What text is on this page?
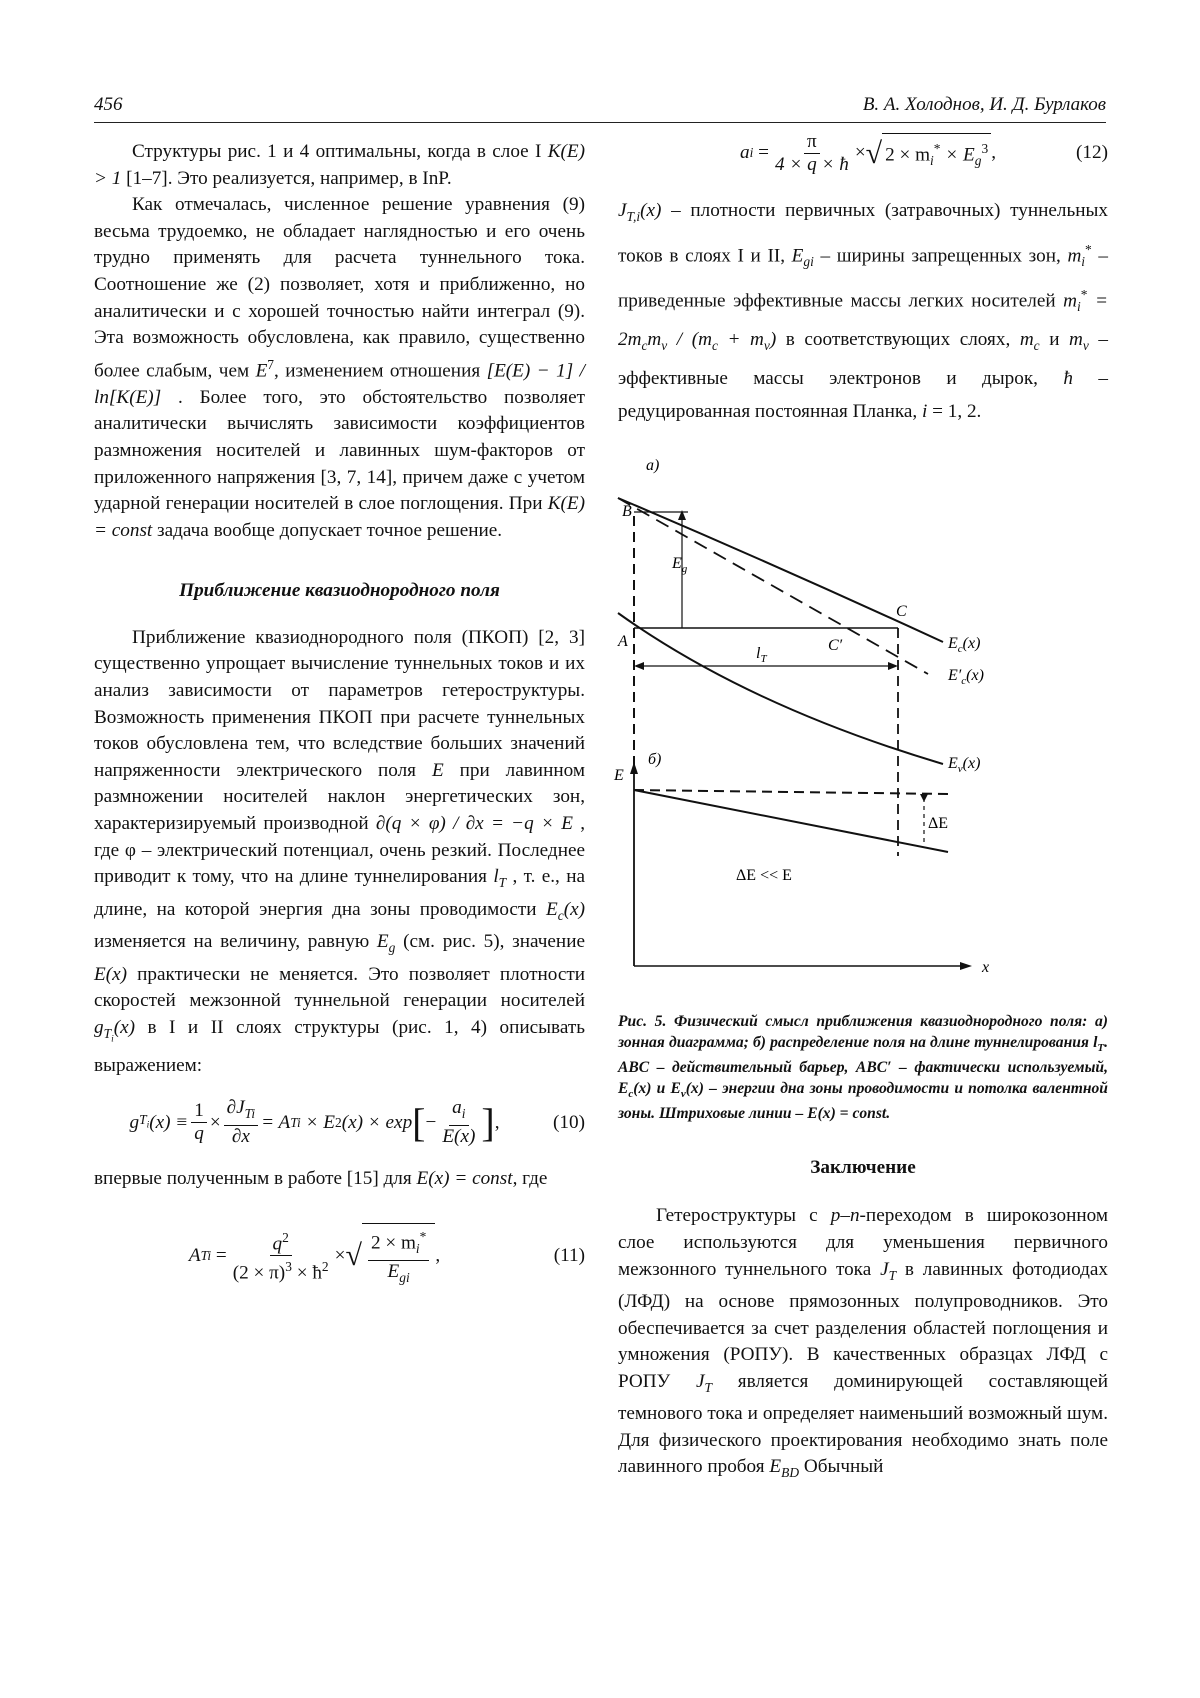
456	В. А. Холоднов, И. Д. Бурлаков

Структуры рис. 1 и 4 оптимальны, когда в слое I K(E) > 1 [1–7]. Это реализуется, например, в InP.

Как отмечалась, численное решение уравнения (9) весьма трудоемко, не обладает наглядностью и его очень трудно применять для расчета туннельного тока. Соотношение же (2) позволяет, хотя и приближенно, но аналитически и с хорошей точностью найти интеграл (9). Эта возможность обусловлена, как правило, существенно более слабым, чем $E^7$, изменением отношения [E(E) − 1] / ln[K(E)] . Более того, это обстоятельство позволяет аналитически вычислять зависимости коэффициентов размножения носителей и лавинных шум-факторов от приложенного напряжения [3, 7, 14], причем даже с учетом ударной генерации носителей в слое поглощения. При K(E) = const задача вообще допускает точное решение.

Приближение квазиоднородного поля

Приближение квазиоднородного поля (ПКОП) [2, 3] существенно упрощает вычисление туннельных токов и их анализ зависимости от параметров гетероструктуры. Возможность применения ПКОП при расчете туннельных токов обусловлена тем, что вследствие больших значений напряженности электрического поля E при лавинном размножении носителей наклон энергетических зон, характеризируемый производной ∂(q × φ) / ∂x = −q × E , где φ – электрический потенциал, очень резкий. Последнее приводит к тому, что на длине туннелирования $l_T$ , т. е., на длине, на которой энергия дна зоны проводимости $E_c(x)$ изменяется на величину, равную $E_g$ (см. рис. 5), значение E(x) практически не меняется. Это позволяет плотности скоростей межзонной туннельной генерации носителей $g_{T_i}(x)$ в I и II слоях структуры (рис. 1, 4) описывать выражением:

g $T_i$ $(x) \equiv \frac{1}{q} \times \frac{\partial J_{Ti}}{\partial x} = A$ Ti
× E 2 (x) × exp [ − $\frac{a_i}{E(x)}$ ] ,	(10)

впервые полученным в работе [15] для E(x) = const, где

A Ti
= $\frac{q^2}{(2 \times \pi)^3 \times ħ^2}$ × √ $\frac{2 \times m_i^*}{E_{gi}}$ ,	(11)
a i
= $\frac{\pi}{4 \times q \times ħ}$ × √ $2 \times m_i^* \times E_g^3$ ,	(12)

$J_{T,i}(x)$ – плотности первичных (затравочных) туннельных токов в слоях I и II, $E_{gi}$ – ширины запрещенных зон, $m_i^*$ – приведенные эффективные массы легких носителей $m_i^* = 2m_cm_v / (m_c + m_v)$ в соответствующих слоях, $m_c$ и $m_v$ – эффективные массы электронов и дырок, ħ – редуцированная постоянная Планка, i = 1, 2.

а)
B
A
C
C′
$E_g$
$l_T$
$E_c(x)$
$E'_c(x)$
$E_v(x)$
б)
E
ΔE
ΔE << E
x

Рис. 5. Физический смысл приближения квазиоднородного поля: а) зонная диаграмма; б) распределение поля на длине туннелирования $l_T$. ABC – действительный барьер, ABC′ – фактически используемый, $E_c(x)$ и $E_v(x)$ – энергии дна зоны проводимости и потолка валентной зоны. Штриховые линии – E(x) = const.

Заключение

Гетероструктуры с p–n-переходом в широкозонном слое используются для уменьшения первичного межзонного туннельного тока $J_T$ в лавинных фотодиодах (ЛФД) на основе прямозонных полупроводников. Это обеспечивается за счет разделения областей поглощения и умножения (РОПУ). В качественных образцах ЛФД с РОПУ $J_T$ является доминирующей составляющей темнового тока и определяет наименьший возможный шум. Для физического проектирования необходимо знать поле лавинного пробоя $E_{BD}$ Обычный
